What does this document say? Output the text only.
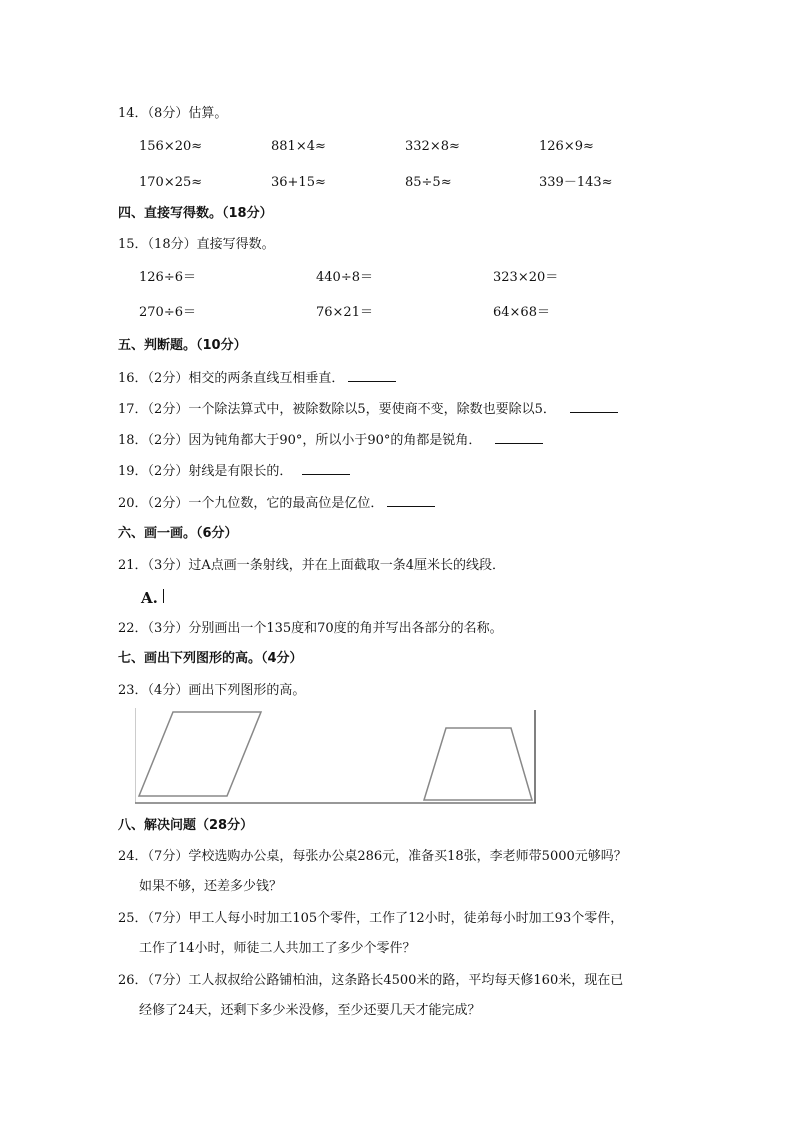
14．（8分）估算。
156×20≈	881×4≈	332×8≈	126×9≈
170×25≈	36+15≈	85÷5≈	339－143≈
四、直接写得数。（18分）
15．（18分）直接写得数。
126÷6＝	440÷8＝	323×20＝
270÷6＝	76×21＝	64×68＝
五、判断题。（10分）
16．（2分）相交的两条直线互相垂直．
17．（2分）一个除法算式中，被除数除以5，要使商不变，除数也要除以5．
18．（2分）因为钝角都大于90°，所以小于90°的角都是锐角．
19．（2分）射线是有限长的．
20．（2分）一个九位数，它的最高位是亿位．
六、画一画。（6分）
21．（3分）过A点画一条射线，并在上面截取一条4厘米长的线段．
A.
22．（3分）分别画出一个135度和70度的角并写出各部分的名称。
七、画出下列图形的高。（4分）
23．（4分）画出下列图形的高。
八、解决问题（28分）
24．（7分）学校选购办公桌，每张办公桌286元，准备买18张，李老师带5000元够吗？
如果不够，还差多少钱？
25．（7分）甲工人每小时加工105个零件，工作了12小时，徒弟每小时加工93个零件，
工作了14小时，师徒二人共加工了多少个零件？
26．（7分）工人叔叔给公路铺柏油，这条路长4500米的路，平均每天修160米，现在已
经修了24天，还剩下多少米没修，至少还要几天才能完成？
